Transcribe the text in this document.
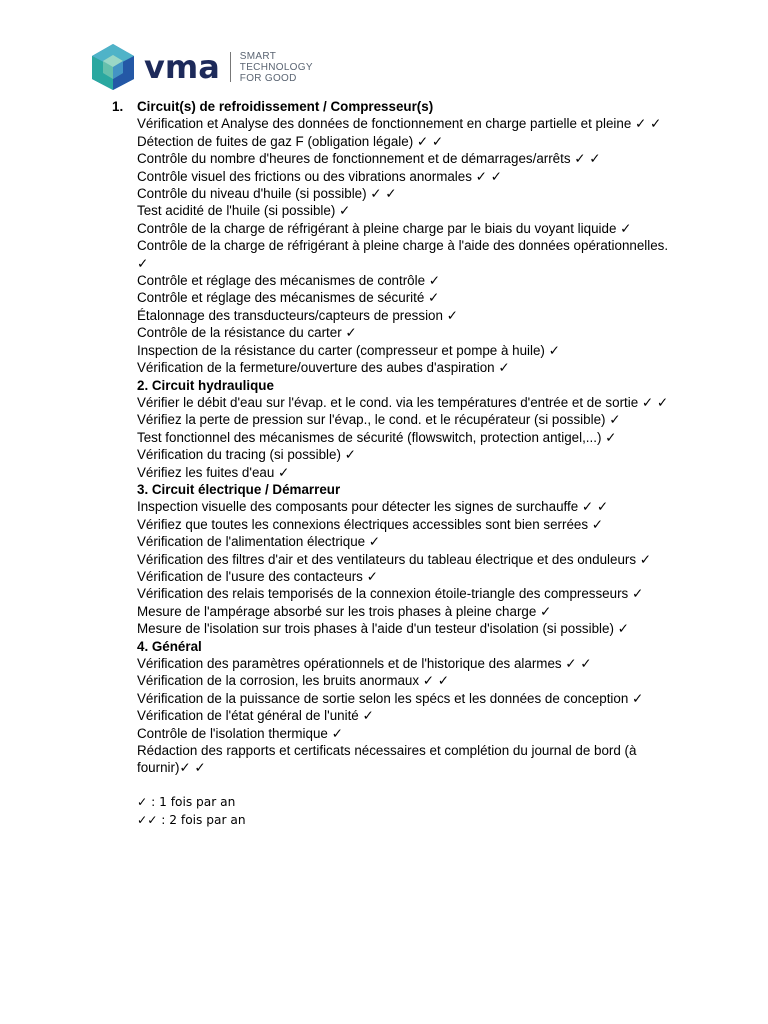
vma SMART
TECHNOLOGY
FOR GOOD
1. Circuit(s) de refroidissement / Compresseur(s)
Vérification et Analyse des données de fonctionnement en charge partielle et pleine ✓ ✓
Détection de fuites de gaz F (obligation légale) ✓ ✓
Contrôle du nombre d'heures de fonctionnement et de démarrages/arrêts ✓ ✓
Contrôle visuel des frictions ou des vibrations anormales ✓ ✓
Contrôle du niveau d'huile (si possible) ✓ ✓
Test acidité de l'huile (si possible) ✓
Contrôle de la charge de réfrigérant à pleine charge par le biais du voyant liquide ✓
Contrôle de la charge de réfrigérant à pleine charge à l'aide des données opérationnelles. ✓
Contrôle et réglage des mécanismes de contrôle ✓
Contrôle et réglage des mécanismes de sécurité ✓
Étalonnage des transducteurs/capteurs de pression ✓
Contrôle de la résistance du carter ✓
Inspection de la résistance du carter (compresseur et pompe à huile) ✓
Vérification de la fermeture/ouverture des aubes d'aspiration ✓
2. Circuit hydraulique
Vérifier le débit d'eau sur l'évap. et le cond. via les températures d'entrée et de sortie ✓ ✓
Vérifiez la perte de pression sur l'évap., le cond. et le récupérateur (si possible) ✓
Test fonctionnel des mécanismes de sécurité (flowswitch, protection antigel,...) ✓
Vérification du tracing (si possible) ✓
Vérifiez les fuites d'eau ✓
3. Circuit électrique / Démarreur
Inspection visuelle des composants pour détecter les signes de surchauffe ✓ ✓
Vérifiez que toutes les connexions électriques accessibles sont bien serrées ✓
Vérification de l'alimentation électrique ✓
Vérification des filtres d'air et des ventilateurs du tableau électrique et des onduleurs ✓
Vérification de l'usure des contacteurs ✓
Vérification des relais temporisés de la connexion étoile-triangle des compresseurs ✓
Mesure de l'ampérage absorbé sur les trois phases à pleine charge ✓
Mesure de l'isolation sur trois phases à l'aide d'un testeur d'isolation (si possible) ✓
4. Général
Vérification des paramètres opérationnels et de l'historique des alarmes ✓ ✓
Vérification de la corrosion, les bruits anormaux ✓ ✓
Vérification de la puissance de sortie selon les spécs et les données de conception ✓
Vérification de l'état général de l'unité ✓
Contrôle de l'isolation thermique ✓
Rédaction des rapports et certificats nécessaires et complétion du journal de bord (à fournir)✓ ✓
✓ : 1 fois par an
✓✓ : 2 fois par an
